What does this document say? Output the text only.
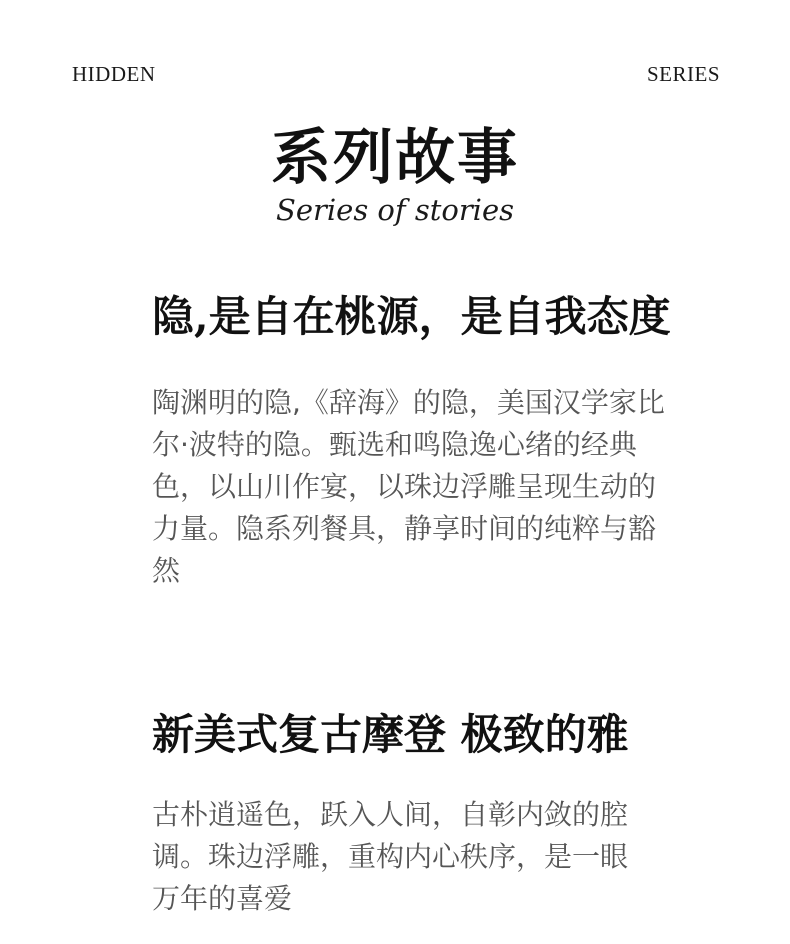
HIDDEN	SERIES
系列故事
Series of stories
隐,是自在桃源，是自我态度

陶渊明的隐,《辞海》的隐，美国汉学家比尔·波特的隐。甄选和鸣隐逸心绪的经典色，以山川作宴，以珠边浮雕呈现生动的力量。隐系列餐具，静享时间的纯粹与豁然

新美式复古摩登 极致的雅

古朴逍遥色，跃入人间，自彰内敛的腔调。珠边浮雕，重构内心秩序，是一眼万年的喜爱
